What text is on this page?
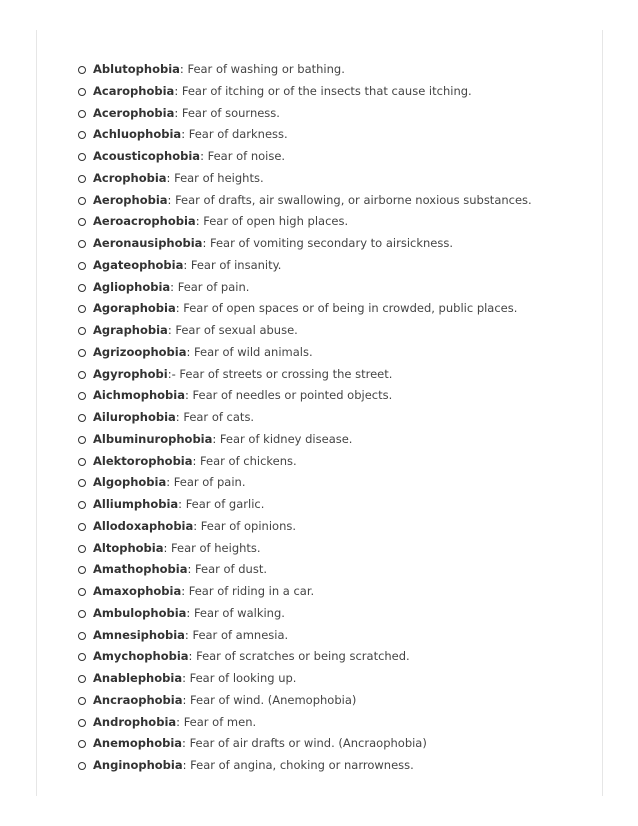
Ablutophobia: Fear of washing or bathing.
Acarophobia: Fear of itching or of the insects that cause itching.
Acerophobia: Fear of sourness.
Achluophobia: Fear of darkness.
Acousticophobia: Fear of noise.
Acrophobia: Fear of heights.
Aerophobia: Fear of drafts, air swallowing, or airborne noxious substances.
Aeroacrophobia: Fear of open high places.
Aeronausiphobia: Fear of vomiting secondary to airsickness.
Agateophobia: Fear of insanity.
Agliophobia: Fear of pain.
Agoraphobia: Fear of open spaces or of being in crowded, public places.
Agraphobia: Fear of sexual abuse.
Agrizoophobia: Fear of wild animals.
Agyrophobi:- Fear of streets or crossing the street.
Aichmophobia: Fear of needles or pointed objects.
Ailurophobia: Fear of cats.
Albuminurophobia: Fear of kidney disease.
Alektorophobia: Fear of chickens.
Algophobia: Fear of pain.
Alliumphobia: Fear of garlic.
Allodoxaphobia: Fear of opinions.
Altophobia: Fear of heights.
Amathophobia: Fear of dust.
Amaxophobia: Fear of riding in a car.
Ambulophobia: Fear of walking.
Amnesiphobia: Fear of amnesia.
Amychophobia: Fear of scratches or being scratched.
Anablephobia: Fear of looking up.
Ancraophobia: Fear of wind. (Anemophobia)
Androphobia: Fear of men.
Anemophobia: Fear of air drafts or wind. (Ancraophobia)
Anginophobia: Fear of angina, choking or narrowness.
